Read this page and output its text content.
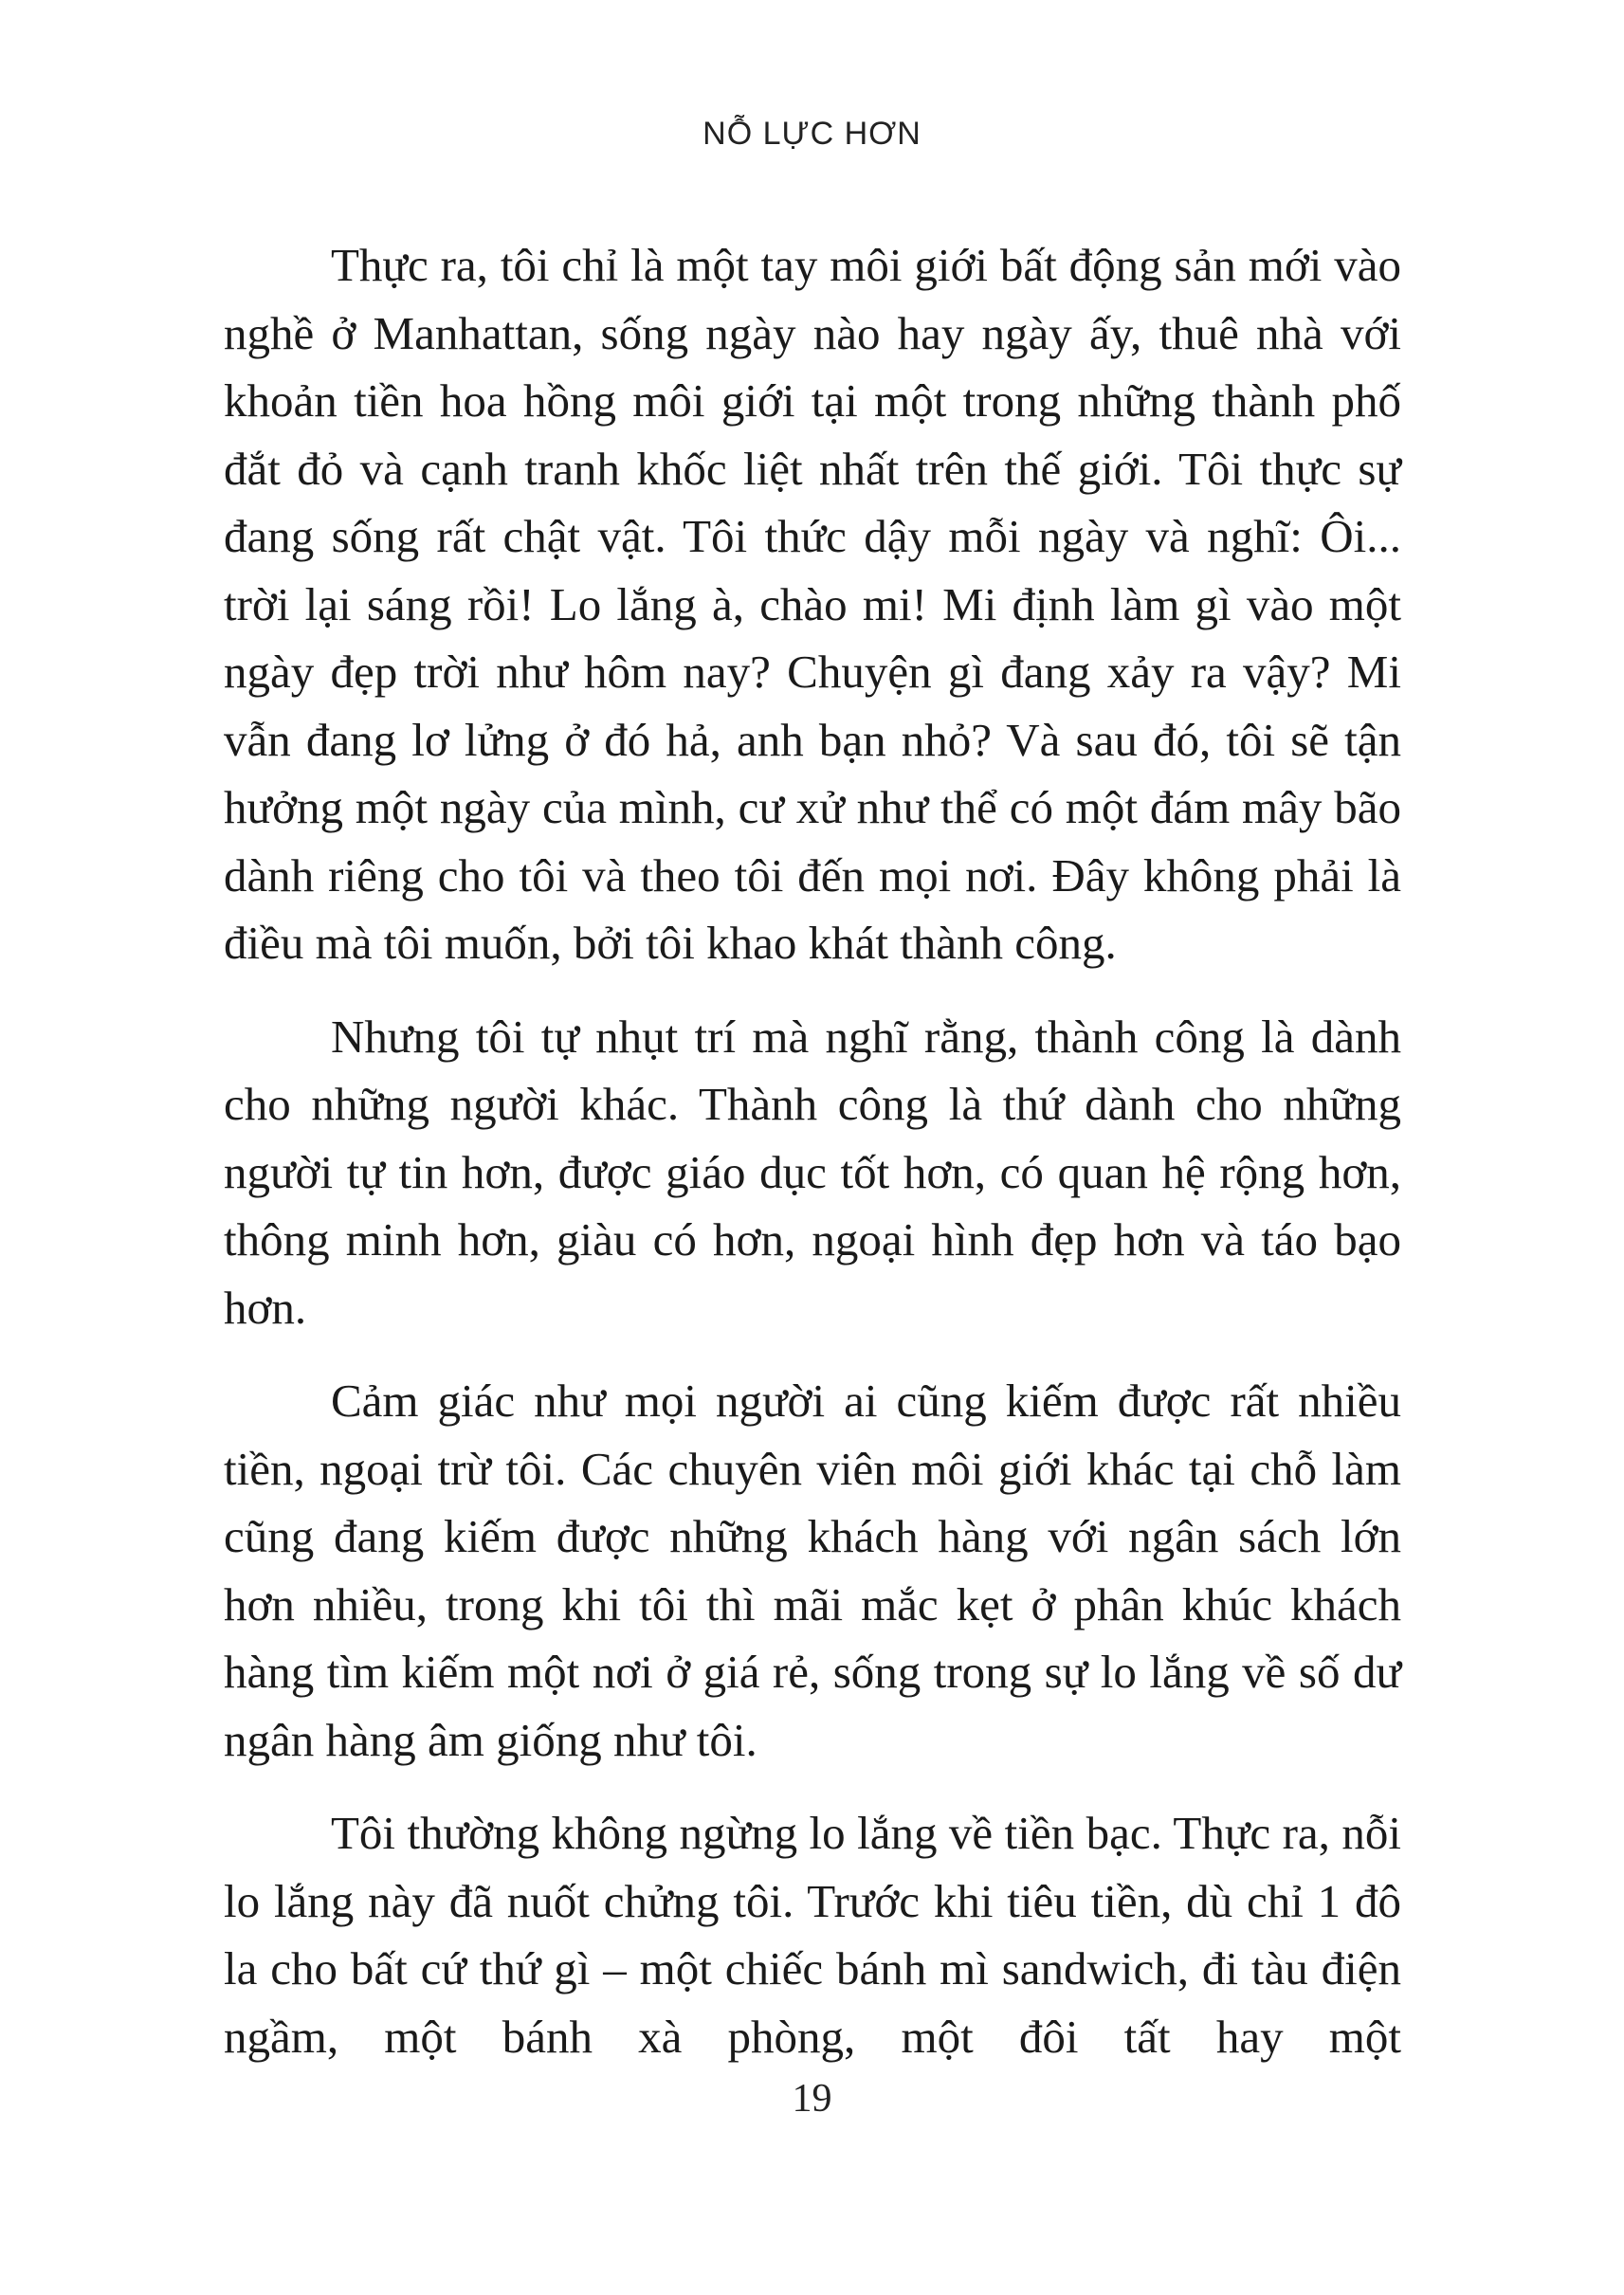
NỖ LỰC HƠN

Thực ra, tôi chỉ là một tay môi giới bất động sản mới vào nghề ở Manhattan, sống ngày nào hay ngày ấy, thuê nhà với khoản tiền hoa hồng môi giới tại một trong những thành phố đắt đỏ và cạnh tranh khốc liệt nhất trên thế giới. Tôi thực sự đang sống rất chật vật. Tôi thức dậy mỗi ngày và nghĩ: Ôi... trời lại sáng rồi! Lo lắng à, chào mi! Mi định làm gì vào một ngày đẹp trời như hôm nay? Chuyện gì đang xảy ra vậy? Mi vẫn đang lơ lửng ở đó hả, anh bạn nhỏ? Và sau đó, tôi sẽ tận hưởng một ngày của mình, cư xử như thể có một đám mây bão dành riêng cho tôi và theo tôi đến mọi nơi. Đây không phải là điều mà tôi muốn, bởi tôi khao khát thành công.

Nhưng tôi tự nhụt trí mà nghĩ rằng, thành công là dành cho những người khác. Thành công là thứ dành cho những người tự tin hơn, được giáo dục tốt hơn, có quan hệ rộng hơn, thông minh hơn, giàu có hơn, ngoại hình đẹp hơn và táo bạo hơn.

Cảm giác như mọi người ai cũng kiếm được rất nhiều tiền, ngoại trừ tôi. Các chuyên viên môi giới khác tại chỗ làm cũng đang kiếm được những khách hàng với ngân sách lớn hơn nhiều, trong khi tôi thì mãi mắc kẹt ở phân khúc khách hàng tìm kiếm một nơi ở giá rẻ, sống trong sự lo lắng về số dư ngân hàng âm giống như tôi.

Tôi thường không ngừng lo lắng về tiền bạc. Thực ra, nỗi lo lắng này đã nuốt chửng tôi. Trước khi tiêu tiền, dù chỉ 1 đô la cho bất cứ thứ gì – một chiếc bánh mì sandwich, đi tàu điện ngầm, một bánh xà phòng, một đôi tất hay một

19
